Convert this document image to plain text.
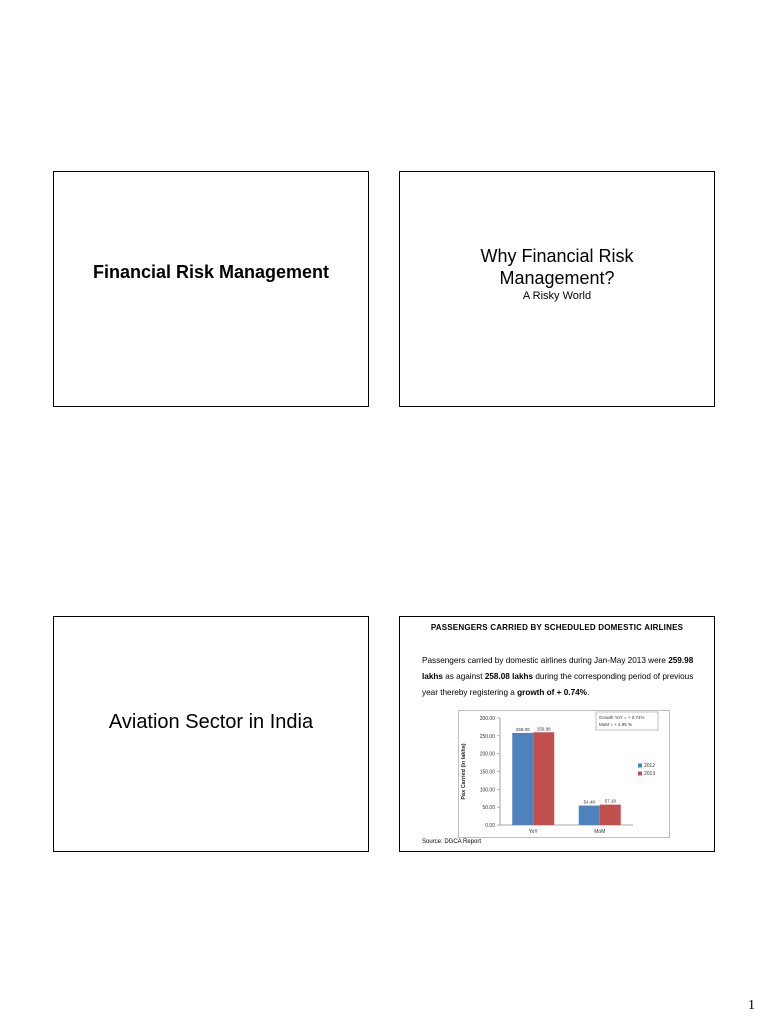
Financial Risk Management
Why Financial Risk
Management?
A Risky World
Aviation Sector in India
PASSENGERS CARRIED BY SCHEDULED DOMESTIC AIRLINES
Passengers carried by domestic airlines during Jan-May 2013 were 259.98 lakhs as against 258.08 lakhs during the corresponding period of previous year thereby registering a growth of + 0.74%.
0.00
50.00
100.00
150.00
200.00
250.00
300.00
Pax Carried (in lakhs)
258.08 259.98
YoY
54.48 57.18
MoM
2012
2013
Growth YoY = + 0.74%
MoM = + 4.95 %
Source: DGCA Report
1
